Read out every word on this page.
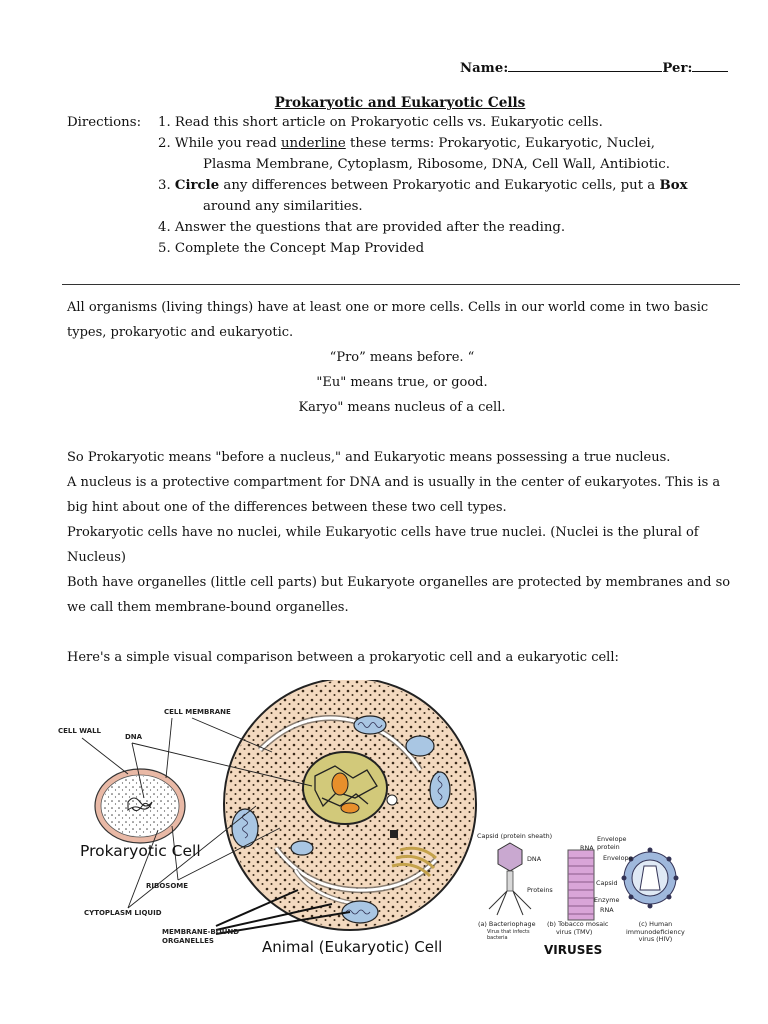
Name:	Per:
Prokaryotic and Eukaryotic Cells
Directions: 1. Read this short article on Prokaryotic cells vs. Eukaryotic cells.
2. While you read underline these terms: Prokaryotic, Eukaryotic, Nuclei,
Plasma Membrane, Cytoplasm, Ribosome, DNA, Cell Wall, Antibiotic.
3. Circle any differences between Prokaryotic and Eukaryotic cells, put a Box
around any similarities.
4. Answer the questions that are provided after the reading.
5. Complete the Concept Map Provided

All organisms (living things) have at least one or more cells. Cells in our world come in two basic types, prokaryotic and eukaryotic.

“Pro” means before. “

"Eu" means true, or good.

Karyo" means nucleus of a cell.

So Prokaryotic means "before a nucleus," and Eukaryotic means possessing a true nucleus.

A nucleus is a protective compartment for DNA and is usually in the center of eukaryotes. This is a big hint about one of the differences between these two cell types.

Prokaryotic cells have no nuclei, while Eukaryotic cells have true nuclei. (Nuclei is the plural of Nucleus)

Both have organelles (little cell parts) but Eukaryote organelles are protected by membranes and so we call them membrane-bound organelles.

Here's a simple visual comparison between a prokaryotic cell and a eukaryotic cell:

CELL WALL
DNA
CELL MEMBRANE
Prokaryotic Cell
RIBOSOME
CYTOPLASM LIQUID
MEMBRANE-BOUND
ORGANELLES	Animal (Eukaryotic) Cell
Capsid (protein sheath)
DNA
Proteins
RNA
Envelope
protein
Envelope
Capsid
Enzyme
RNA
(a) Bacteriophage
Virus that infects
bacteria
(b) Tobacco mosaic
virus (TMV)
(c) Human
immunodeficiency
virus (HIV)
VIRUSES
